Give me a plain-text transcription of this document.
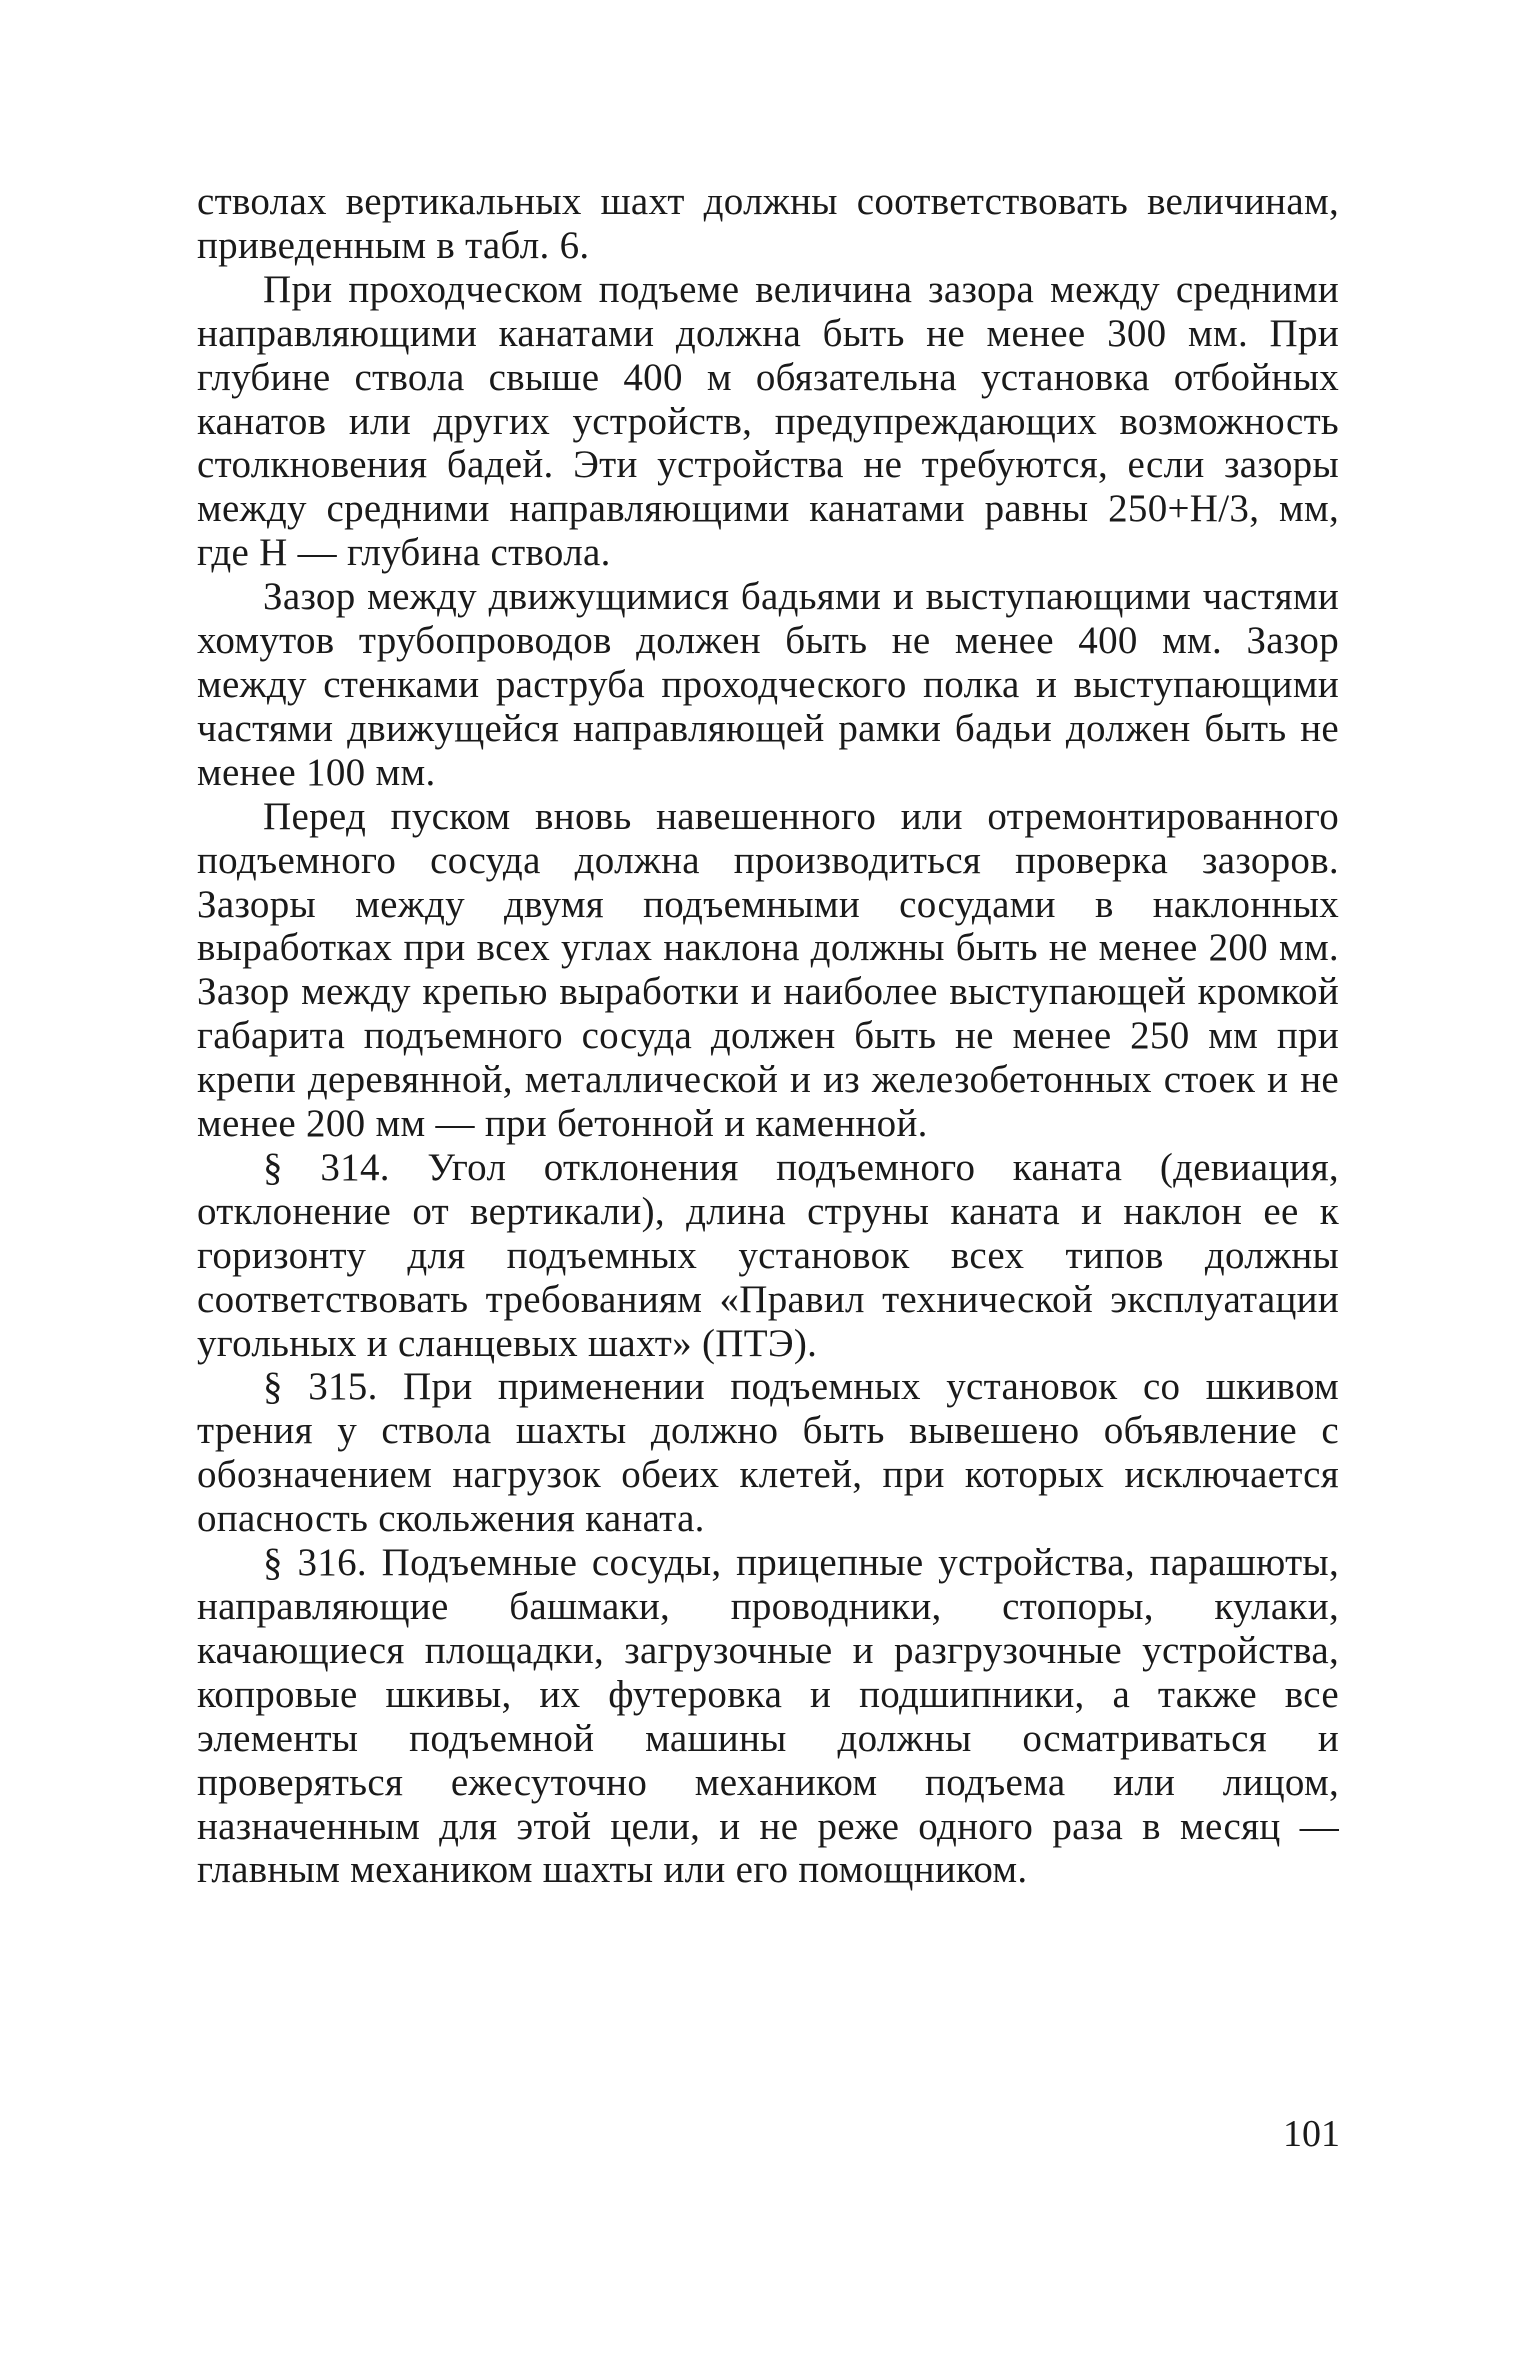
стволах вертикальных шахт должны соответствовать величинам, приведенным в табл. 6.

При проходческом подъеме величина зазора между средними направляющими канатами должна быть не менее 300 мм. При глубине ствола свыше 400 м обязательна установка отбойных канатов или других устройств, предупреждающих возможность столкновения бадей. Эти устройства не требуются, если зазоры между средними направляющими канатами равны 250+H/3, мм, где H — глубина ствола.

Зазор между движущимися бадьями и выступающими частями хомутов трубопроводов должен быть не менее 400 мм. Зазор между стенками раструба проходческого полка и выступающими частями движущейся направляющей рамки бадьи должен быть не менее 100 мм.

Перед пуском вновь навешенного или отремонтированного подъемного сосуда должна производиться проверка зазоров. Зазоры между двумя подъемными сосудами в наклонных выработках при всех углах наклона должны быть не менее 200 мм. Зазор между крепью выработки и наиболее выступающей кромкой габарита подъемного сосуда должен быть не менее 250 мм при крепи деревянной, металлической и из железобетонных стоек и не менее 200 мм — при бетонной и каменной.

§ 314. Угол отклонения подъемного каната (девиация, отклонение от вертикали), длина струны каната и наклон ее к горизонту для подъемных установок всех типов должны соответствовать требованиям «Правил технической эксплуатации угольных и сланцевых шахт» (ПТЭ).

§ 315. При применении подъемных установок со шкивом трения у ствола шахты должно быть вывешено объявление с обозначением нагрузок обеих клетей, при которых исключается опасность скольжения каната.

§ 316. Подъемные сосуды, прицепные устройства, парашюты, направляющие башмаки, проводники, стопоры, кулаки, качающиеся площадки, загрузочные и разгрузочные устройства, копровые шкивы, их футеровка и подшипники, а также все элементы подъемной машины должны осматриваться и проверяться ежесуточно механиком подъема или лицом, назначенным для этой цели, и не реже одного раза в месяц — главным механиком шахты или его помощником.

101
